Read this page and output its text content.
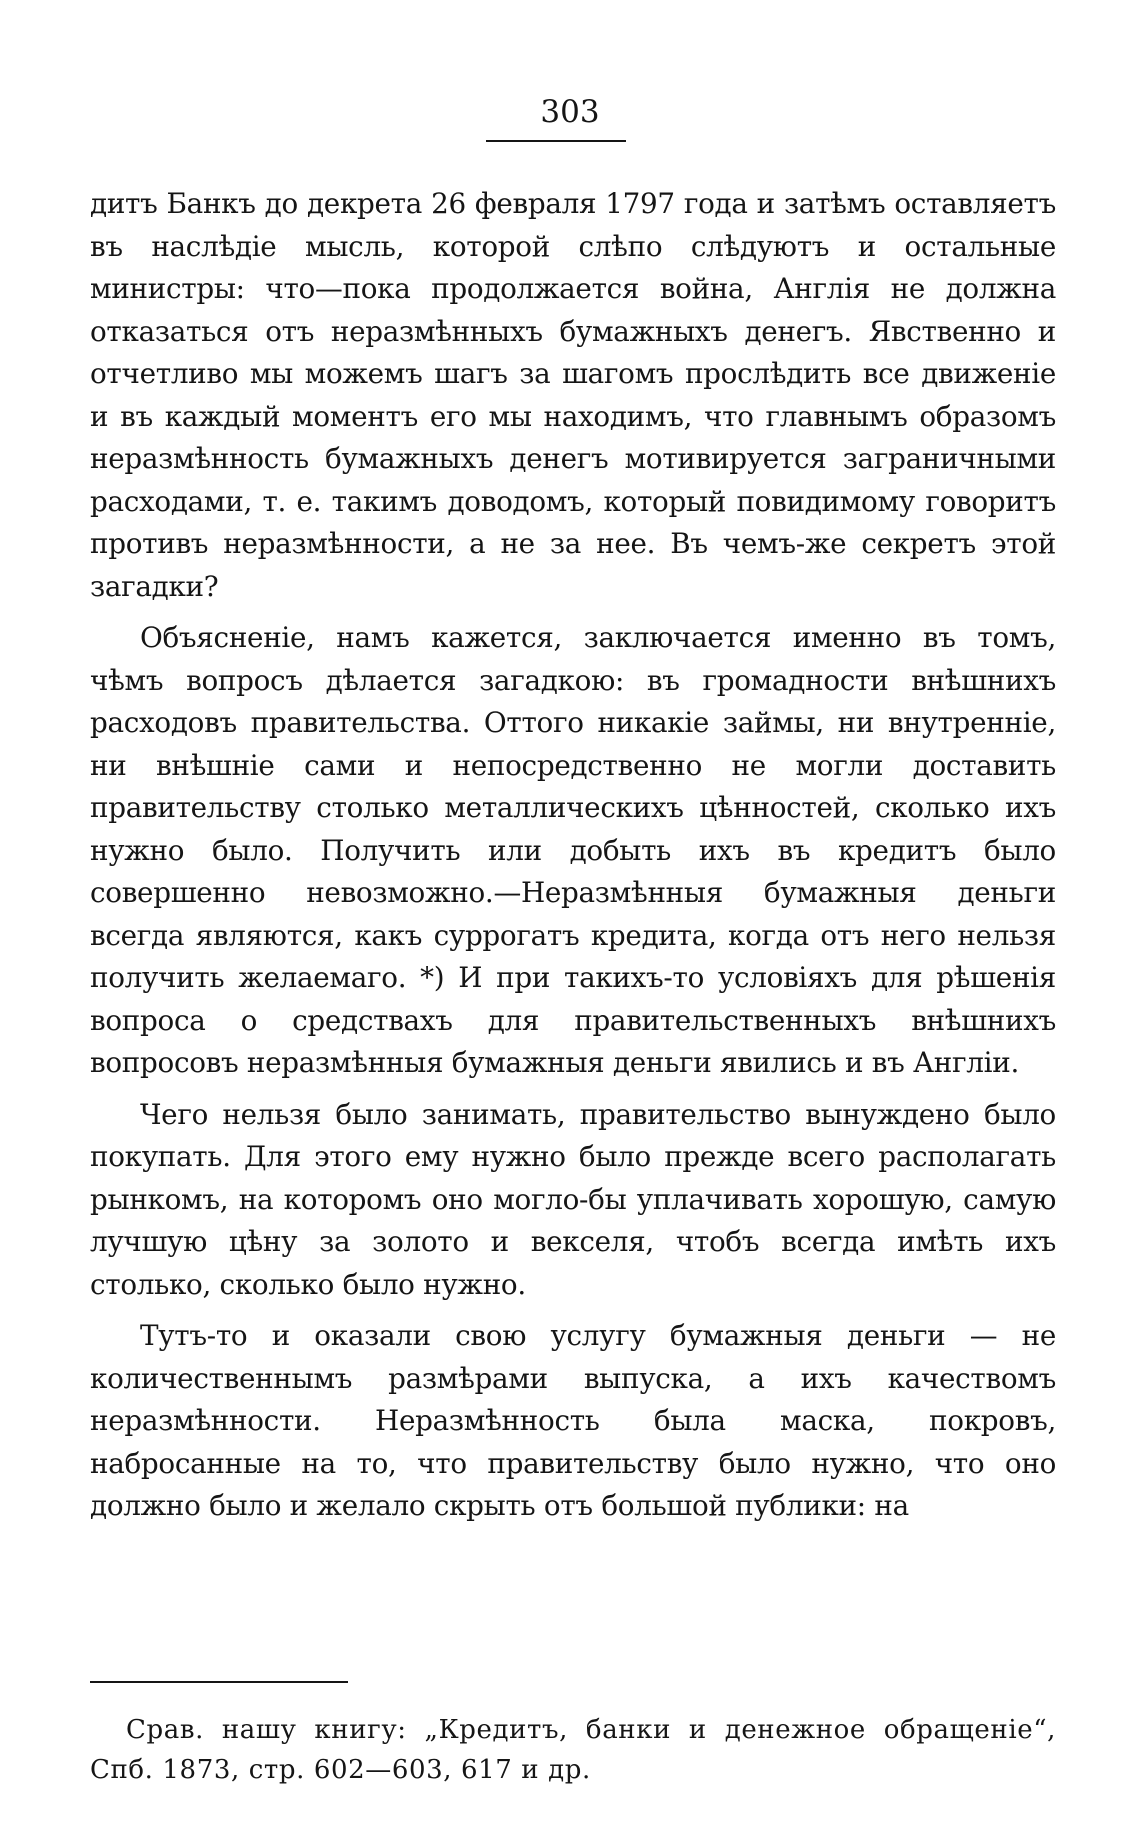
303

дитъ Банкъ до декрета 26 февраля 1797 года и затѣмъ оставляетъ въ наслѣдіе мысль, которой слѣпо слѣдуютъ и остальные министры: что—пока продолжается война, Англія не должна отказаться отъ неразмѣнныхъ бумажныхъ денегъ. Явственно и отчетливо мы можемъ шагъ за шагомъ прослѣдить все движеніе и въ каждый моментъ его мы находимъ, что главнымъ образомъ неразмѣнность бумажныхъ денегъ мотивируется заграничными расходами, т. е. такимъ доводомъ, который повидимому говоритъ противъ неразмѣнности, а не за нее. Въ чемъ-же секретъ этой загадки?

Объясненіе, намъ кажется, заключается именно въ томъ, чѣмъ вопросъ дѣлается загадкою: въ громадности внѣшнихъ расходовъ правительства. Оттого никакіе займы, ни внутренніе, ни внѣшніе сами и непосредственно не могли доставить правительству столько металлическихъ цѣнностей, сколько ихъ нужно было. Получить или добыть ихъ въ кредитъ было совершенно невозможно.—Неразмѣнныя бумажныя деньги всегда являются, какъ суррогатъ кредита, когда отъ него нельзя получить желаемаго. *) И при такихъ-то условіяхъ для рѣшенія вопроса о средствахъ для правительственныхъ внѣшнихъ вопросовъ неразмѣнныя бумажныя деньги явились и въ Англіи.

Чего нельзя было занимать, правительство вынуждено было покупать. Для этого ему нужно было прежде всего располагать рынкомъ, на которомъ оно могло-бы уплачивать хорошую, самую лучшую цѣну за золото и векселя, чтобъ всегда имѣть ихъ столько, сколько было нужно.

Тутъ-то и оказали свою услугу бумажныя деньги — не количественнымъ размѣрами выпуска, а ихъ качествомъ неразмѣнности. Неразмѣнность была маска, покровъ, набросанные на то, что правительству было нужно, что оно должно было и желало скрыть отъ большой публики: на

Срав. нашу книгу: „Кредитъ, банки и денежное обращеніе“, Спб. 1873, стр. 602—603, 617 и др.
